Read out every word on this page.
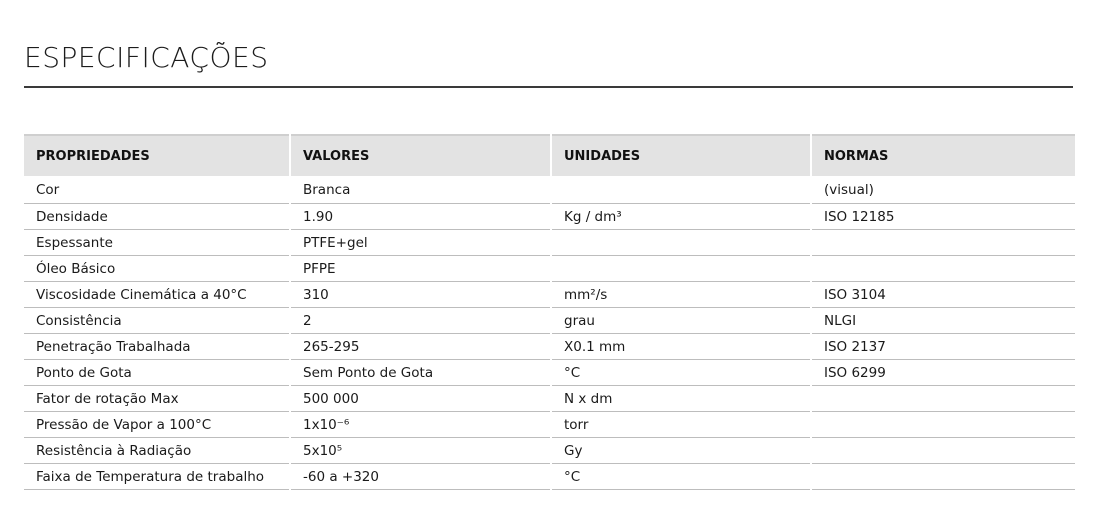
ESPECIFICAÇÕES
PROPRIEDADES	VALORES	UNIDADES	NORMAS
Cor	Branca		(visual)
Densidade	1.90	Kg / dm³	ISO 12185
Espessante	PTFE+gel		
Óleo Básico	PFPE		
Viscosidade Cinemática a 40°C	310	mm²/s	ISO 3104
Consistência	2	grau	NLGI
Penetração Trabalhada	265-295	X0.1 mm	ISO 2137
Ponto de Gota	Sem Ponto de Gota	°C	ISO 6299
Fator de rotação Max	500 000	N x dm	
Pressão de Vapor a 100°C	1x10⁻⁶	torr	
Resistência à Radiação	5x10⁵	Gy	
Faixa de Temperatura de trabalho	-60 a +320	°C	
